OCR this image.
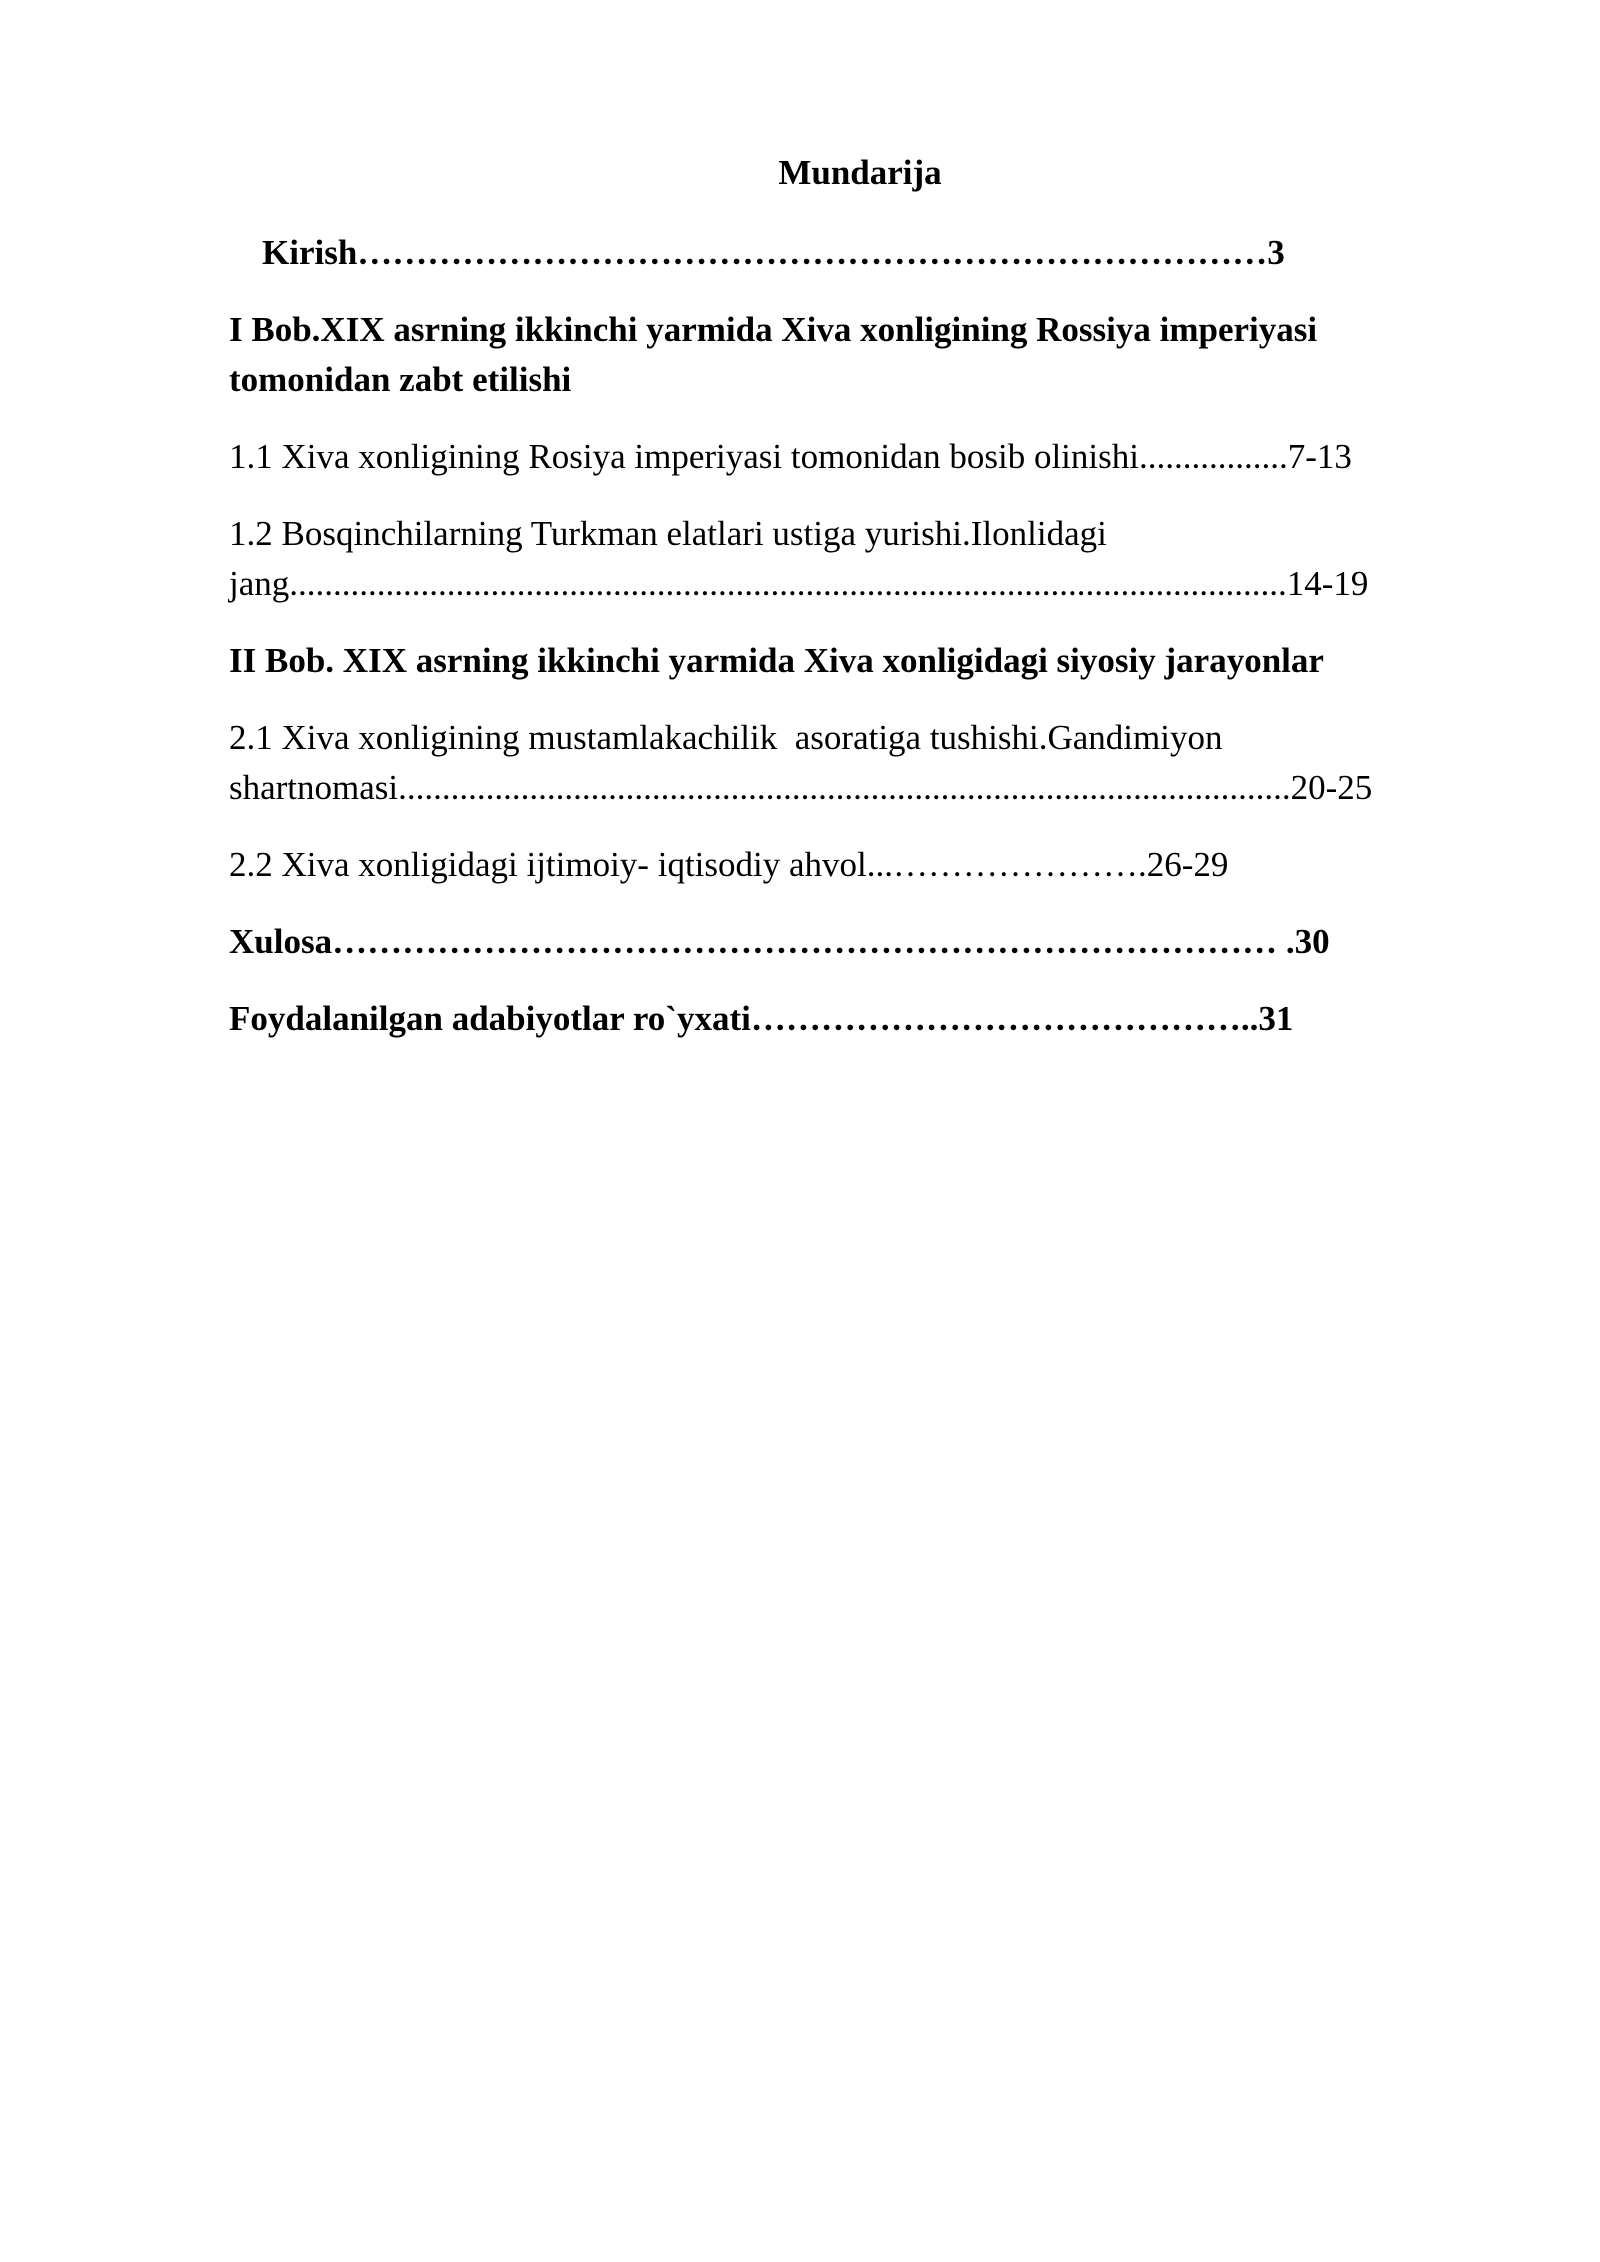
Mundarija

Kirish……………………………………………………………………3

I Bob.XIX asrning ikkinchi yarmida Xiva xonligining Rossiya imperiyasi

tomonidan zabt etilishi

1.1 Xiva xonligining Rosiya imperiyasi tomonidan bosib olinishi.................7-13

1.2 Bosqinchilarning Turkman elatlari ustiga yurishi.Ilonlidagi

jang..................................................................................................................14-19

II Bob. XIX asrning ikkinchi yarmida Xiva xonligidagi siyosiy jarayonlar

2.1 Xiva xonligining mustamlakachilik  asoratiga tushishi.Gandimiyon

shartnomasi......................................................................................................20-25

2.2 Xiva xonligidagi ijtimoiy- iqtisodiy ahvol...………………….26-29

Xulosa……………………………………………………………………… .30

Foydalanilgan adabiyotlar ro`yxati……………………………………..31
